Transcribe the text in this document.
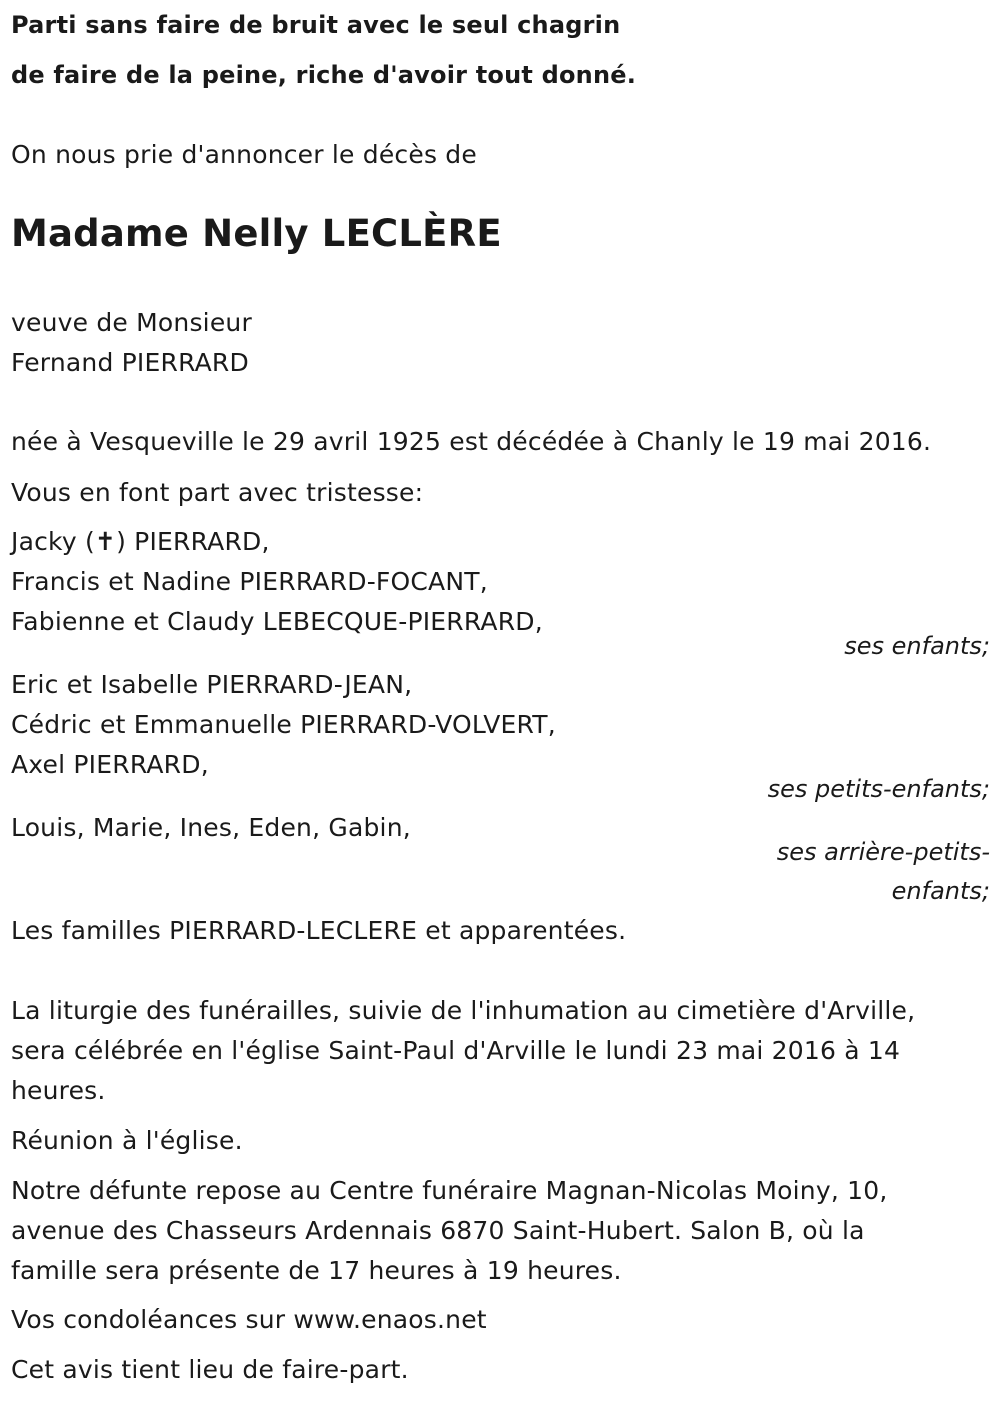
Parti sans faire de bruit avec le seul chagrin
de faire de la peine, riche d'avoir tout donné.
On nous prie d'annoncer le décès de
Madame Nelly LECLÈRE
veuve de Monsieur
Fernand PIERRARD
née à Vesqueville le 29 avril 1925 est décédée à Chanly le 19 mai 2016.
Vous en font part avec tristesse:
Jacky (✝) PIERRARD,
Francis et Nadine PIERRARD-FOCANT,
Fabienne et Claudy LEBECQUE-PIERRARD,
ses enfants;
Eric et Isabelle PIERRARD-JEAN,
Cédric et Emmanuelle PIERRARD-VOLVERT,
Axel PIERRARD,
ses petits-enfants;
Louis, Marie, Ines, Eden, Gabin,
ses arrière-petits-
enfants;
Les familles PIERRARD-LECLERE et apparentées.
La liturgie des funérailles, suivie de l'inhumation au cimetière d'Arville,
sera célébrée en l'église Saint-Paul d'Arville le lundi 23 mai 2016 à 14
heures.
Réunion à l'église.
Notre défunte repose au Centre funéraire Magnan-Nicolas Moiny, 10,
avenue des Chasseurs Ardennais 6870 Saint-Hubert. Salon B, où la
famille sera présente de 17 heures à 19 heures.
Vos condoléances sur www.enaos.net
Cet avis tient lieu de faire-part.
